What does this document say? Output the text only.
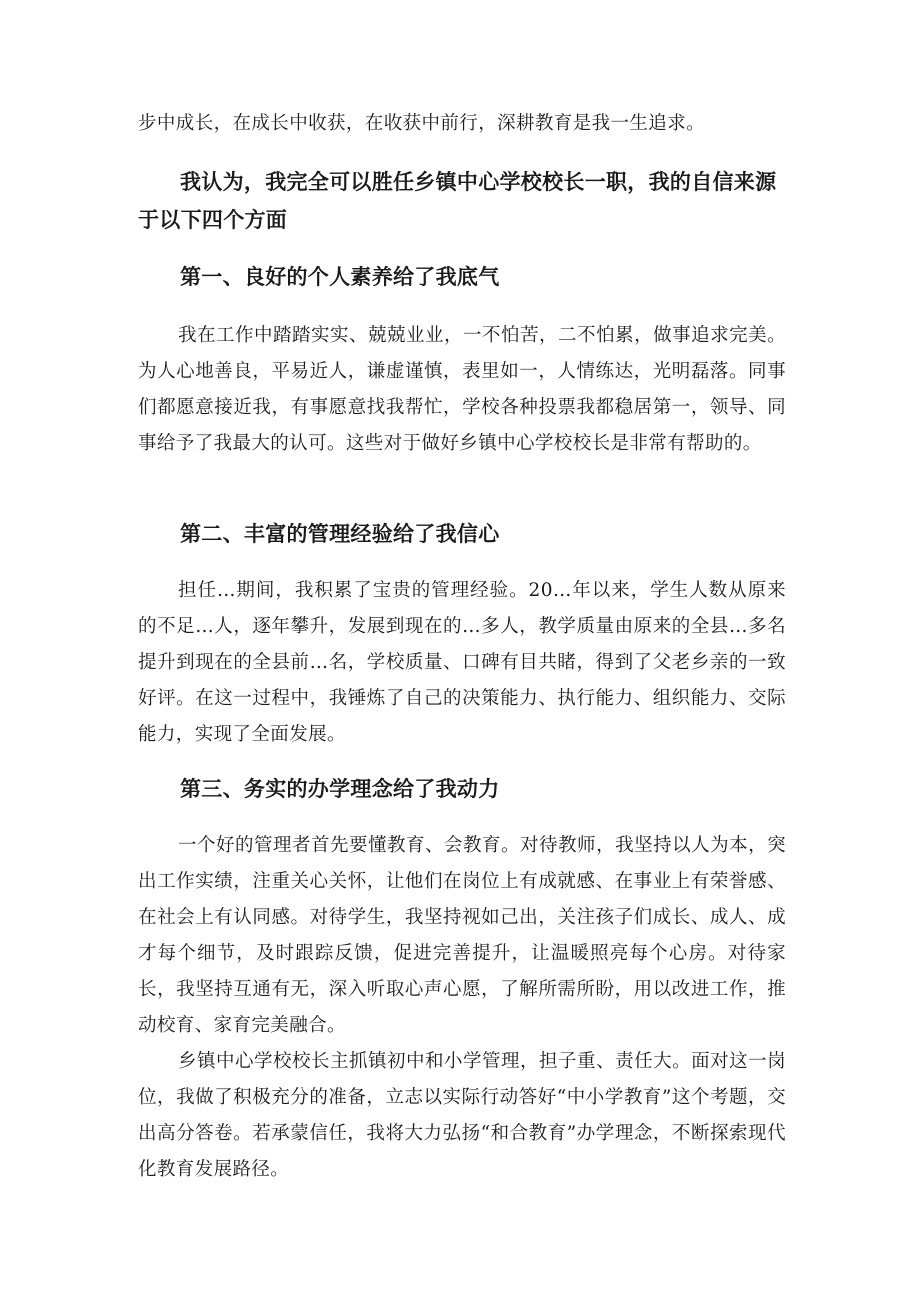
步中成长，在成长中收获，在收获中前行，深耕教育是我一生追求。

我认为，我完全可以胜任乡镇中心学校校长一职，我的自信来源于以下四个方面

第一、良好的个人素养给了我底气

我在工作中踏踏实实、兢兢业业，一不怕苦，二不怕累，做事追求完美。为人心地善良，平易近人，谦虚谨慎，表里如一，人情练达，光明磊落。同事们都愿意接近我，有事愿意找我帮忙，学校各种投票我都稳居第一，领导、同事给予了我最大的认可。这些对于做好乡镇中心学校校长是非常有帮助的。

第二、丰富的管理经验给了我信心

担任…期间，我积累了宝贵的管理经验。20…年以来，学生人数从原来的不足…人，逐年攀升，发展到现在的…多人，教学质量由原来的全县…多名提升到现在的全县前…名，学校质量、口碑有目共睹，得到了父老乡亲的一致好评。在这一过程中，我锤炼了自己的决策能力、执行能力、组织能力、交际能力，实现了全面发展。

第三、务实的办学理念给了我动力

一个好的管理者首先要懂教育、会教育。对待教师，我坚持以人为本，突出工作实绩，注重关心关怀，让他们在岗位上有成就感、在事业上有荣誉感、在社会上有认同感。对待学生，我坚持视如己出，关注孩子们成长、成人、成才每个细节，及时跟踪反馈，促进完善提升，让温暖照亮每个心房。对待家长，我坚持互通有无，深入听取心声心愿，了解所需所盼，用以改进工作，推动校育、家育完美融合。

乡镇中心学校校长主抓镇初中和小学管理，担子重、责任大。面对这一岗位，我做了积极充分的准备，立志以实际行动答好“中小学教育”这个考题，交出高分答卷。若承蒙信任，我将大力弘扬“和合教育”办学理念，不断探索现代化教育发展路径。
